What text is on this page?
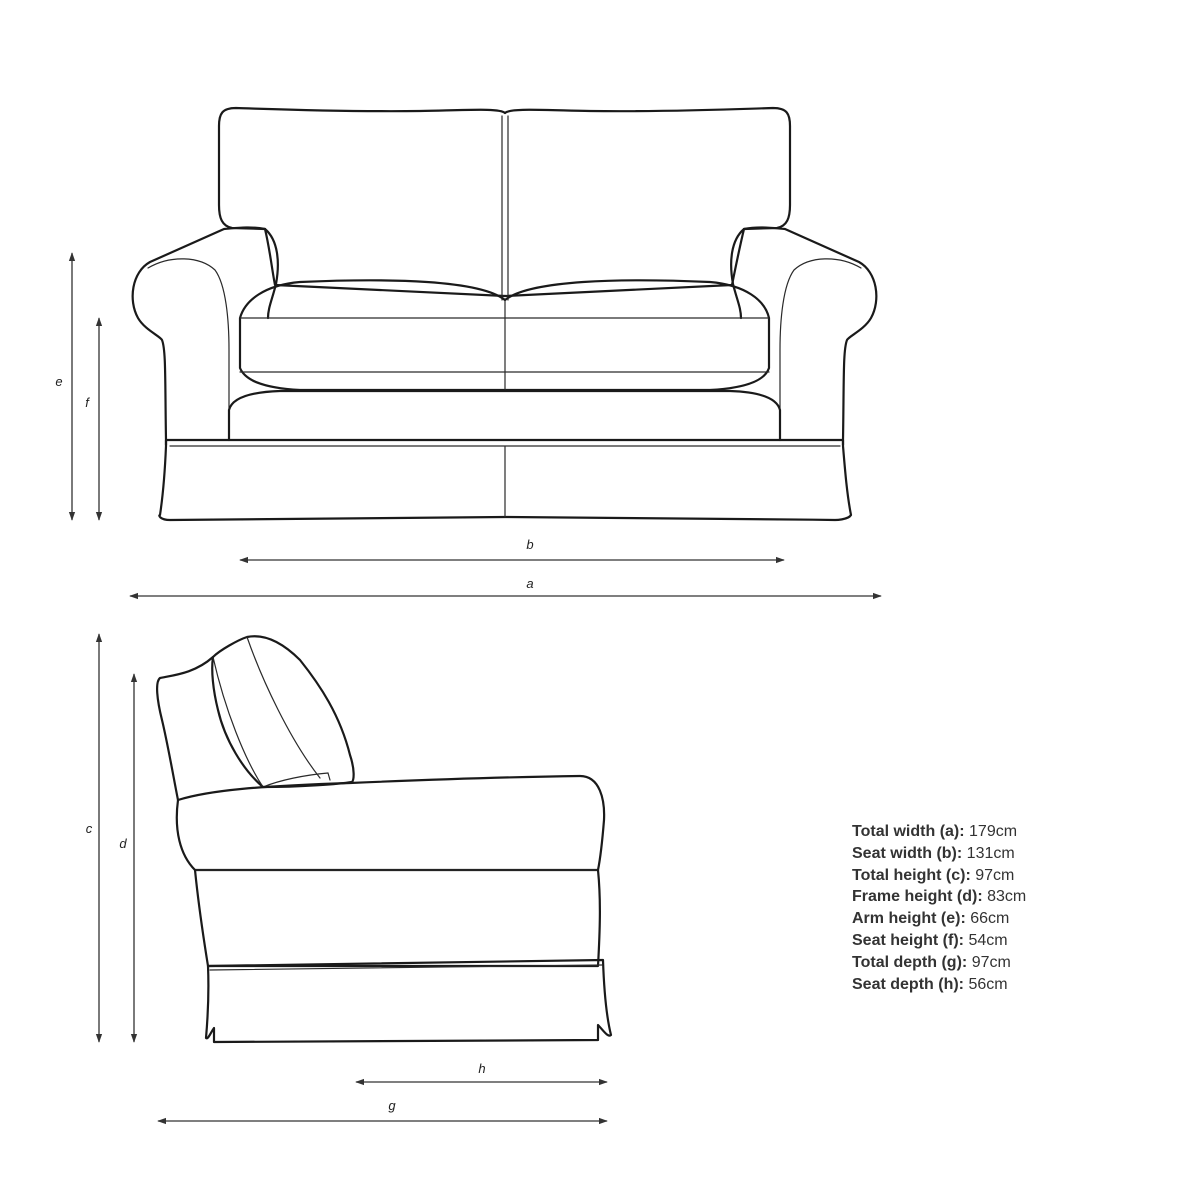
b
a
e
f
c
d
h
g
Total width (a): 179cm
Seat width (b): 131cm
Total height (c): 97cm
Frame height (d): 83cm
Arm height (e): 66cm
Seat height (f): 54cm
Total depth (g): 97cm
Seat depth (h): 56cm
